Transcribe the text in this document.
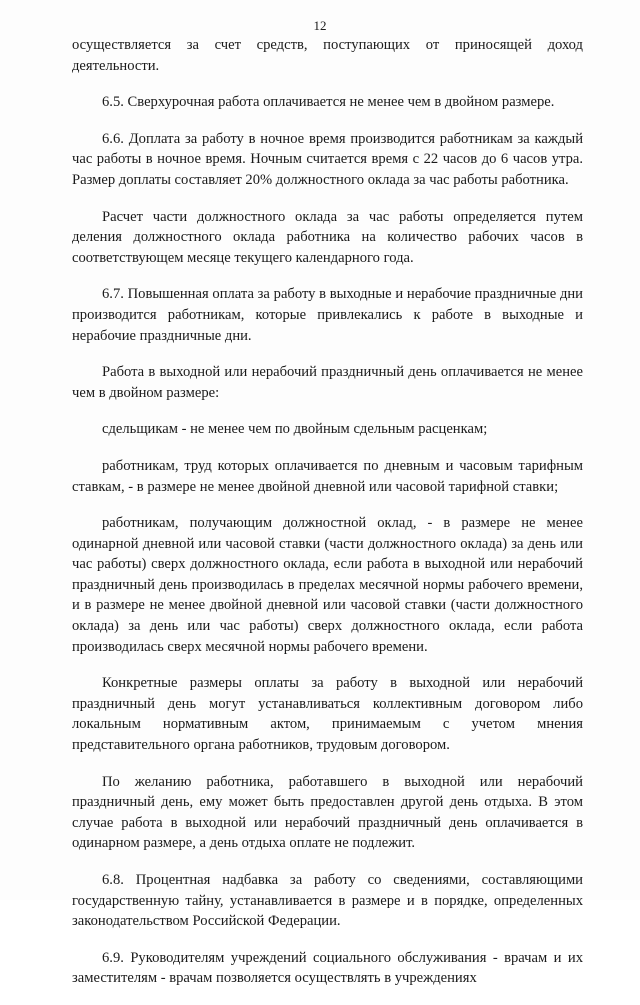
12

осуществляется за счет средств, поступающих от приносящей доход деятельности.

6.5. Сверхурочная работа оплачивается не менее чем в двойном размере.

6.6. Доплата за работу в ночное время производится работникам за каждый час работы в ночное время. Ночным считается время с 22 часов до 6 часов утра. Размер доплаты составляет 20% должностного оклада за час работы работника.

Расчет части должностного оклада за час работы определяется путем деления должностного оклада работника на количество рабочих часов в соответствующем месяце текущего календарного года.

6.7. Повышенная оплата за работу в выходные и нерабочие праздничные дни производится работникам, которые привлекались к работе в выходные и нерабочие праздничные дни.

Работа в выходной или нерабочий праздничный день оплачивается не менее чем в двойном размере:

сдельщикам - не менее чем по двойным сдельным расценкам;

работникам, труд которых оплачивается по дневным и часовым тарифным ставкам, - в размере не менее двойной дневной или часовой тарифной ставки;

работникам, получающим должностной оклад, - в размере не менее одинарной дневной или часовой ставки (части должностного оклада) за день или час работы) сверх должностного оклада, если работа в выходной или нерабочий праздничный день производилась в пределах месячной нормы рабочего времени, и в размере не менее двойной дневной или часовой ставки (части должностного оклада) за день или час работы) сверх должностного оклада, если работа производилась сверх месячной нормы рабочего времени.

Конкретные размеры оплаты за работу в выходной или нерабочий праздничный день могут устанавливаться коллективным договором либо локальным нормативным актом, принимаемым с учетом мнения представительного органа работников, трудовым договором.

По желанию работника, работавшего в выходной или нерабочий праздничный день, ему может быть предоставлен другой день отдыха. В этом случае работа в выходной или нерабочий праздничный день оплачивается в одинарном размере, а день отдыха оплате не подлежит.

6.8. Процентная надбавка за работу со сведениями, составляющими государственную тайну, устанавливается в размере и в порядке, определенных законодательством Российской Федерации.

6.9. Руководителям учреждений социального обслуживания - врачам и их заместителям - врачам позволяется осуществлять в учреждениях
